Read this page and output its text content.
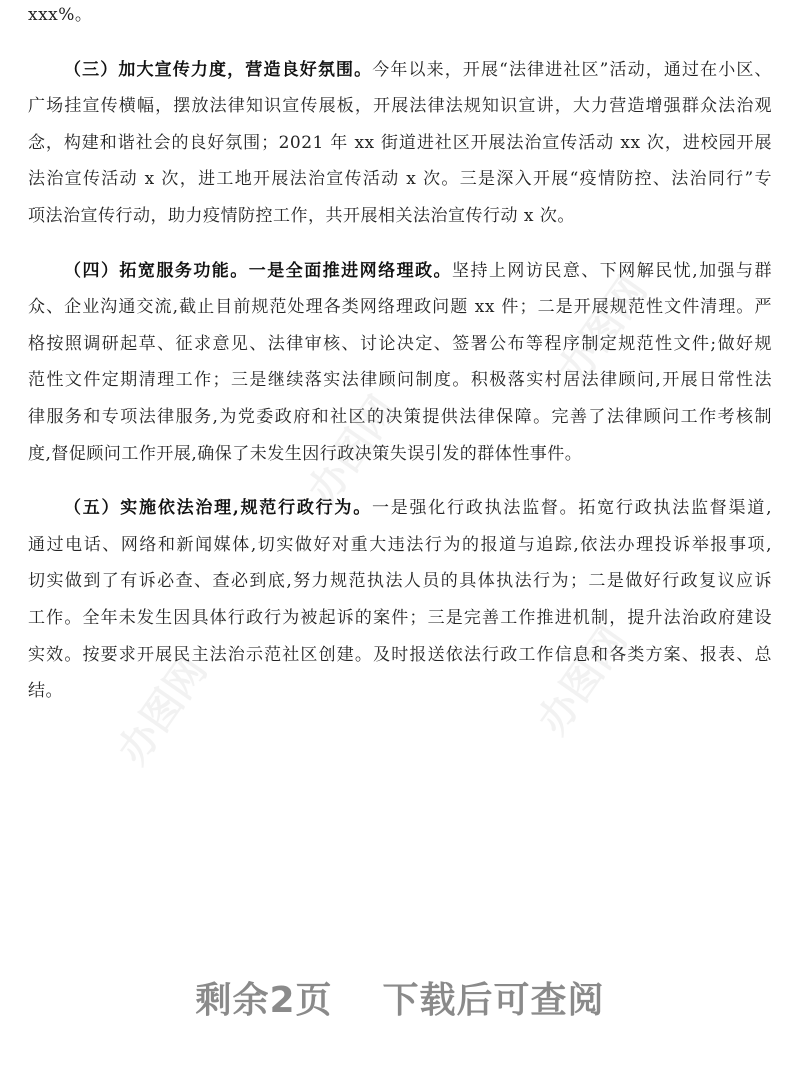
办图网
办图网
办图网	办图网
xxx%。
（三）加大宣传力度，营造良好氛围。今年以来，开展“法律进社区”活动，通过在小区、
广场挂宣传横幅，摆放法律知识宣传展板，开展法律法规知识宣讲，大力营造增强群众法治观
念，构建和谐社会的良好氛围；2021 年 xx 街道进社区开展法治宣传活动 xx 次，进校园开展
法治宣传活动 x 次，进工地开展法治宣传活动 x 次。三是深入开展“疫情防控、法治同行”专
项法治宣传行动，助力疫情防控工作，共开展相关法治宣传行动 x 次。
（四）拓宽服务功能。一是全面推进网络理政。坚持上网访民意、下网解民忧,加强与群
众、企业沟通交流,截止目前规范处理各类网络理政问题 xx 件；二是开展规范性文件清理。严
格按照调研起草、征求意见、法律审核、讨论决定、签署公布等程序制定规范性文件;做好规
范性文件定期清理工作；三是继续落实法律顾问制度。积极落实村居法律顾问,开展日常性法
律服务和专项法律服务,为党委政府和社区的决策提供法律保障。完善了法律顾问工作考核制
度,督促顾问工作开展,确保了未发生因行政决策失误引发的群体性事件。
（五）实施依法治理,规范行政行为。一是强化行政执法监督。拓宽行政执法监督渠道,
通过电话、网络和新闻媒体,切实做好对重大违法行为的报道与追踪,依法办理投诉举报事项,
切实做到了有诉必查、查必到底,努力规范执法人员的具体执法行为；二是做好行政复议应诉
工作。全年未发生因具体行政行为被起诉的案件；三是完善工作推进机制，提升法治政府建设
实效。按要求开展民主法治示范社区创建。及时报送依法行政工作信息和各类方案、报表、总
结。
剩余2页 下载后可查阅
